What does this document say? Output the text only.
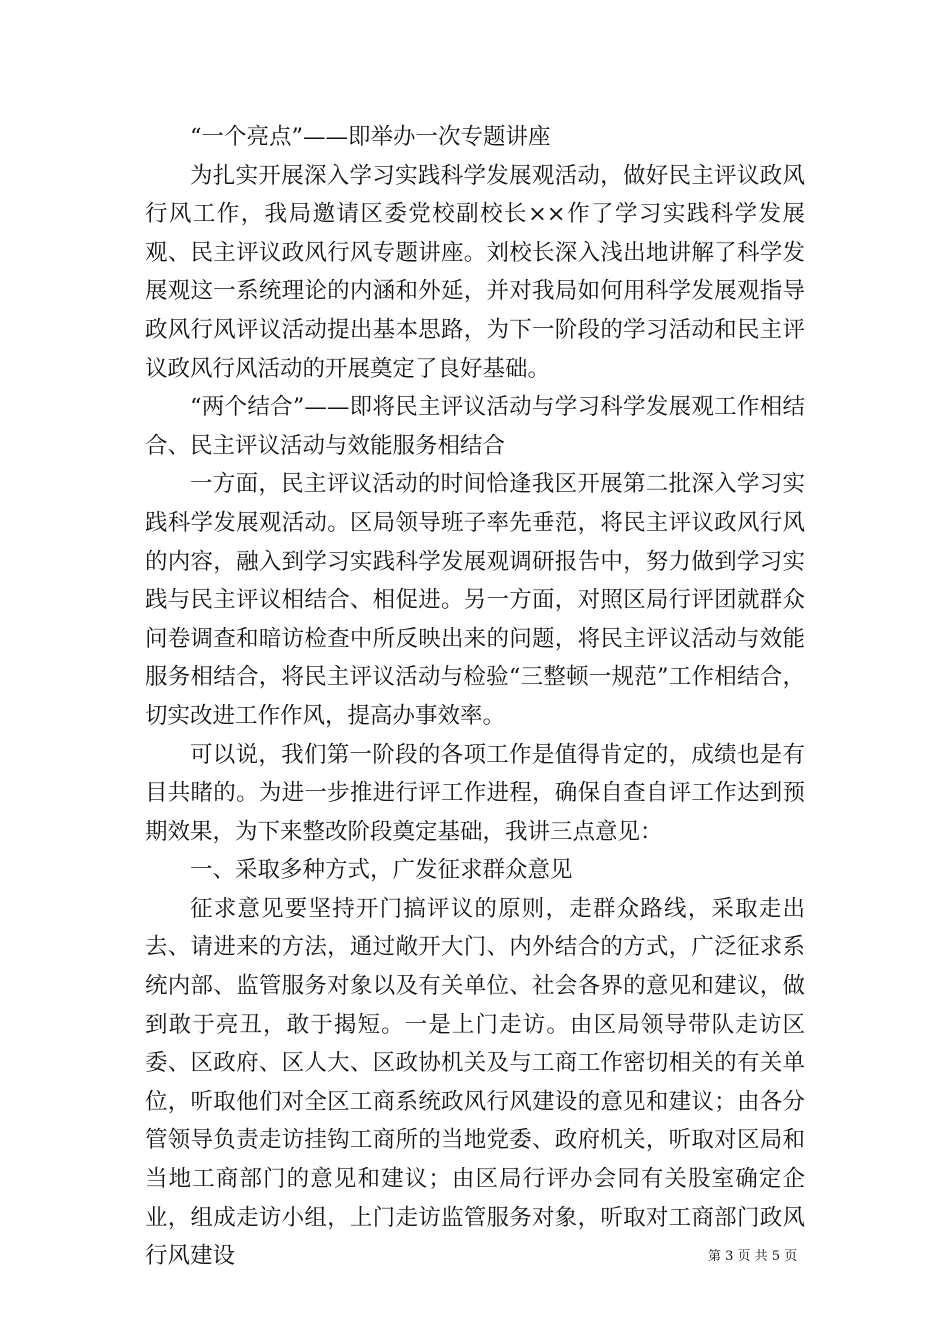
“一个亮点”——即举办一次专题讲座

为扎实开展深入学习实践科学发展观活动，做好民主评议政风行风工作，我局邀请区委党校副校长××作了学习实践科学发展观、民主评议政风行风专题讲座。刘校长深入浅出地讲解了科学发展观这一系统理论的内涵和外延，并对我局如何用科学发展观指导政风行风评议活动提出基本思路，为下一阶段的学习活动和民主评议政风行风活动的开展奠定了良好基础。

“两个结合”——即将民主评议活动与学习科学发展观工作相结合、民主评议活动与效能服务相结合

一方面，民主评议活动的时间恰逢我区开展第二批深入学习实践科学发展观活动。区局领导班子率先垂范，将民主评议政风行风的内容，融入到学习实践科学发展观调研报告中，努力做到学习实践与民主评议相结合、相促进。另一方面，对照区局行评团就群众问卷调查和暗访检查中所反映出来的问题，将民主评议活动与效能服务相结合，将民主评议活动与检验“三整顿一规范”工作相结合，切实改进工作作风，提高办事效率。

可以说，我们第一阶段的各项工作是值得肯定的，成绩也是有目共睹的。为进一步推进行评工作进程，确保自查自评工作达到预期效果，为下来整改阶段奠定基础，我讲三点意见：

一、采取多种方式，广发征求群众意见

征求意见要坚持开门搞评议的原则，走群众路线，采取走出去、请进来的方法，通过敞开大门、内外结合的方式，广泛征求系统内部、监管服务对象以及有关单位、社会各界的意见和建议，做到敢于亮丑，敢于揭短。一是上门走访。由区局领导带队走访区委、区政府、区人大、区政协机关及与工商工作密切相关的有关单位，听取他们对全区工商系统政风行风建设的意见和建议；由各分管领导负责走访挂钩工商所的当地党委、政府机关，听取对区局和当地工商部门的意见和建议；由区局行评办会同有关股室确定企业，组成走访小组，上门走访监管服务对象，听取对工商部门政风行风建设	第 3 页 共 5 页
